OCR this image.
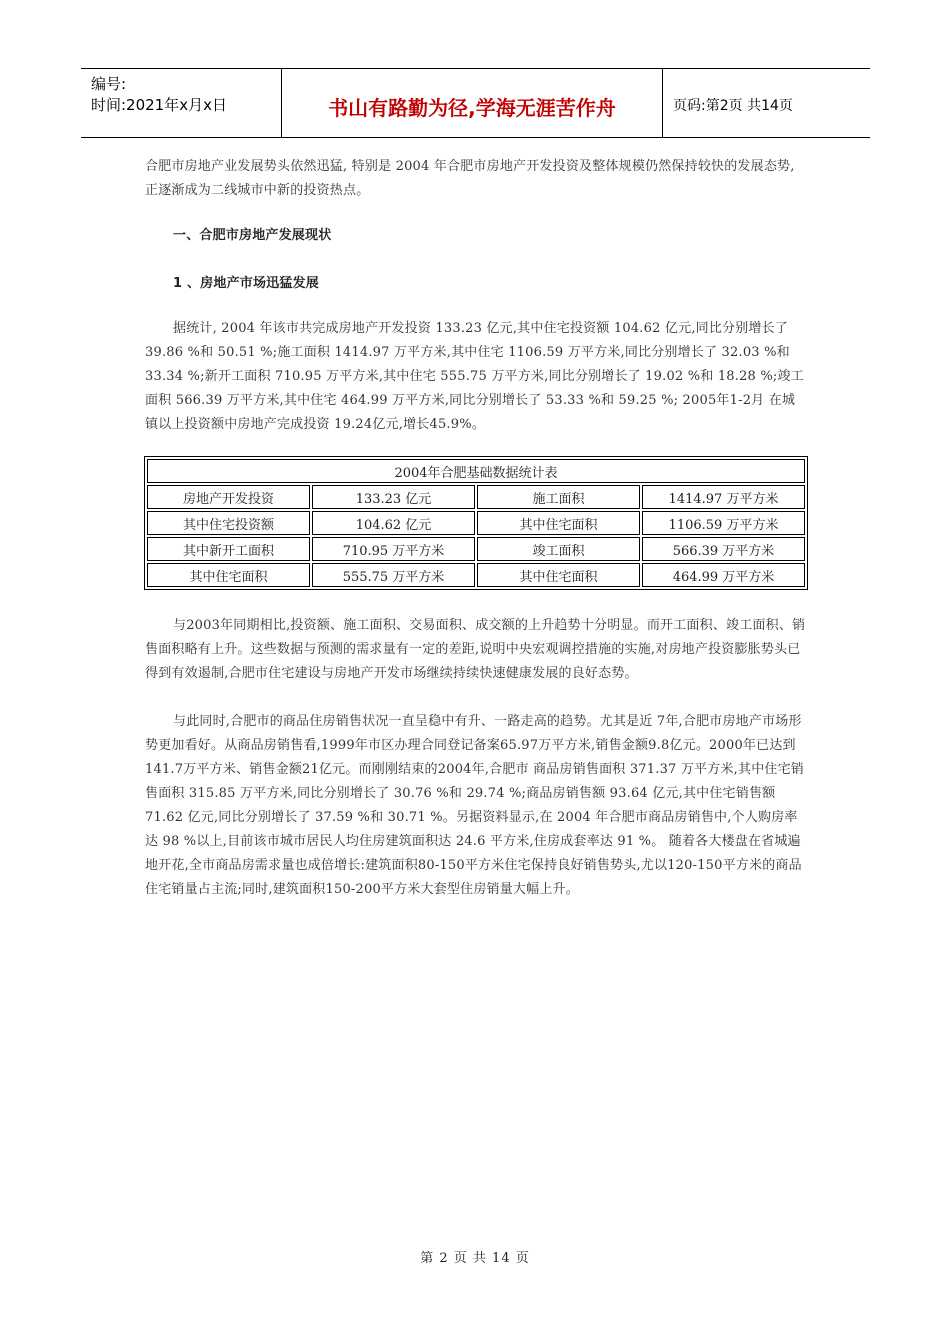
编号:
时间:2021年x月x日	书山有路勤为径,学海无涯苦作舟	页码:第2页 共14页

合肥市房地产业发展势头依然迅猛, 特别是 2004 年合肥市房地产开发投资及整体规模仍然保持较快的发展态势, 正逐渐成为二线城市中新的投资热点。

一、合肥市房地产发展现状

1 、房地产市场迅猛发展

据统计, 2004 年该市共完成房地产开发投资 133.23 亿元,其中住宅投资额 104.62 亿元,同比分别增长了 39.86 %和 50.51 %;施工面积 1414.97 万平方米,其中住宅 1106.59 万平方米,同比分别增长了 32.03 %和 33.34 %;新开工面积 710.95 万平方米,其中住宅 555.75 万平方米,同比分别增长了 19.02 %和 18.28 %;竣工面积 566.39 万平方米,其中住宅 464.99 万平方米,同比分别增长了 53.33 %和 59.25 %; 2005年1-2月 在城镇以上投资额中房地产完成投资 19.24亿元,增长45.9%。

2004年合肥基础数据统计表			
房地产开发投资	133.23 亿元	施工面积	1414.97 万平方米
其中住宅投资额	104.62 亿元	其中住宅面积	1106.59 万平方米
其中新开工面积	710.95 万平方米	竣工面积	566.39 万平方米
其中住宅面积	555.75 万平方米	其中住宅面积	464.99 万平方米

与2003年同期相比,投资额、施工面积、交易面积、成交额的上升趋势十分明显。而开工面积、竣工面积、销售面积略有上升。这些数据与预测的需求量有一定的差距,说明中央宏观调控措施的实施,对房地产投资膨胀势头已得到有效遏制,合肥市住宅建设与房地产开发市场继续持续快速健康发展的良好态势。

与此同时,合肥市的商品住房销售状况一直呈稳中有升、一路走高的趋势。尤其是近 7年,合肥市房地产市场形势更加看好。从商品房销售看,1999年市区办理合同登记备案65.97万平方米,销售金额9.8亿元。2000年已达到141.7万平方米、销售金额21亿元。而刚刚结束的2004年,合肥市 商品房销售面积 371.37 万平方米,其中住宅销售面积 315.85 万平方米,同比分别增长了 30.76 %和 29.74 %;商品房销售额 93.64 亿元,其中住宅销售额 71.62 亿元,同比分别增长了 37.59 %和 30.71 %。另据资料显示,在 2004 年合肥市商品房销售中,个人购房率达 98 %以上,目前该市城市居民人均住房建筑面积达 24.6 平方米,住房成套率达 91 %。 随着各大楼盘在省城遍地开花,全市商品房需求量也成倍增长:建筑面积80-150平方米住宅保持良好销售势头,尤以120-150平方米的商品住宅销量占主流;同时,建筑面积150-200平方米大套型住房销量大幅上升。

第 2 页 共 14 页
